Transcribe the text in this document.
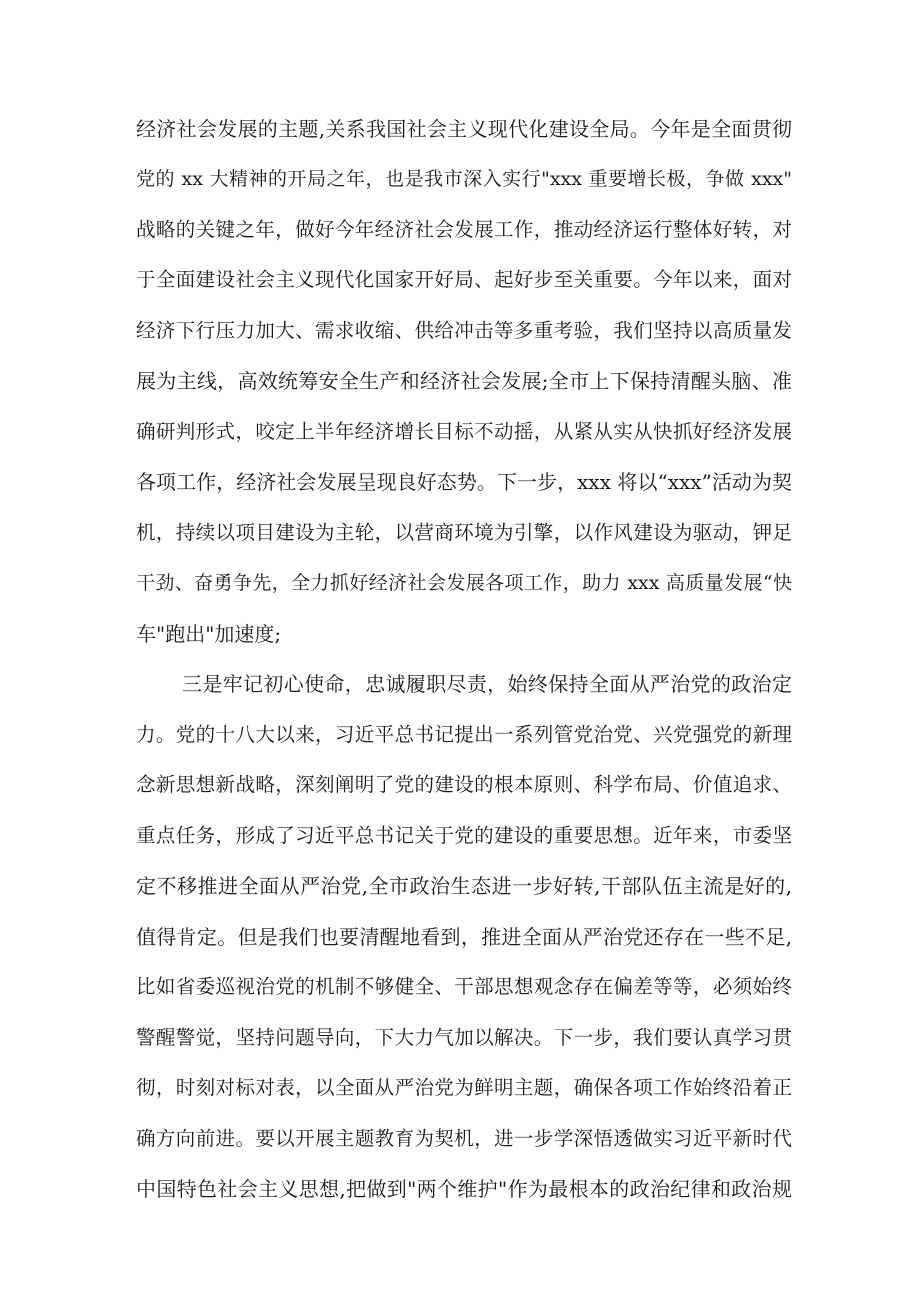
经济社会发展的主题,关系我国社会主义现代化建设全局。今年是全面贯彻
党的 xx 大精神的开局之年，也是我市深入实行"xxx 重要增长极，争做 xxx"
战略的关键之年，做好今年经济社会发展工作，推动经济运行整体好转，对
于全面建设社会主义现代化国家开好局、起好步至关重要。今年以来，面对
经济下行压力加大、需求收缩、供给冲击等多重考验，我们坚持以高质量发
展为主线，高效统筹安全生产和经济社会发展;全市上下保持清醒头脑、准
确研判形式，咬定上半年经济增长目标不动摇，从紧从实从快抓好经济发展
各项工作，经济社会发展呈现良好态势。下一步，xxx 将以“xxx”活动为契
机，持续以项目建设为主轮，以营商环境为引擎，以作风建设为驱动，钾足
干劲、奋勇争先，全力抓好经济社会发展各项工作，助力 xxx 高质量发展“快
车"跑出"加速度;
三是牢记初心使命，忠诚履职尽责，始终保持全面从严治党的政治定
力。党的十八大以来，习近平总书记提出一系列管党治党、兴党强党的新理
念新思想新战略，深刻阐明了党的建设的根本原则、科学布局、价值追求、
重点任务，形成了习近平总书记关于党的建设的重要思想。近年来，市委坚
定不移推进全面从严治党,全市政治生态进一步好转,干部队伍主流是好的,
值得肯定。但是我们也要清醒地看到，推进全面从严治党还存在一些不足,
比如省委巡视治党的机制不够健全、干部思想观念存在偏差等等，必须始终
警醒警觉，坚持问题导向，下大力气加以解决。下一步，我们要认真学习贯
彻，时刻对标对表，以全面从严治党为鲜明主题，确保各项工作始终沿着正
确方向前进。要以开展主题教育为契机，进一步学深悟透做实习近平新时代
中国特色社会主义思想,把做到"两个维护"作为最根本的政治纪律和政治规
